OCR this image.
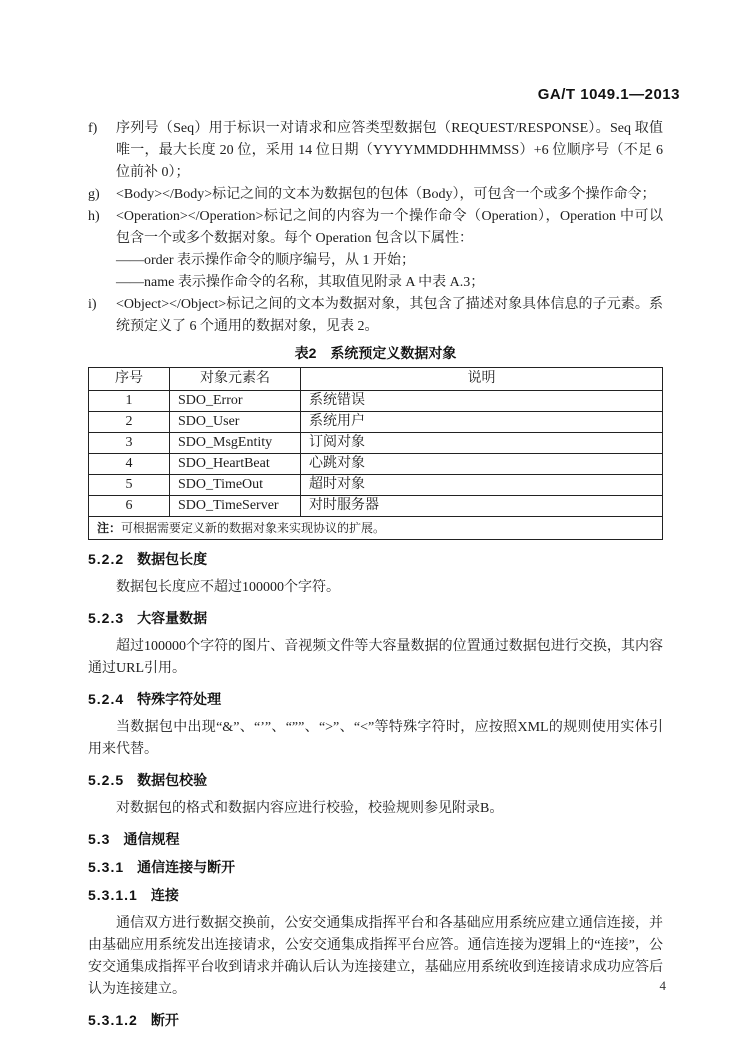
GA/T 1049.1—2013
f)	序列号（Seq）用于标识一对请求和应答类型数据包（REQUEST/RESPONSE）。Seq 取值唯一，最大长度 20 位，采用 14 位日期（YYYYMMDDHHMMSS）+6 位顺序号（不足 6 位前补 0）；
g)	<Body></Body>标记之间的文本为数据包的包体（Body），可包含一个或多个操作命令；
h)	<Operation></Operation>标记之间的内容为一个操作命令（Operation），Operation 中可以包含一个或多个数据对象。每个 Operation 包含以下属性：
——order 表示操作命令的顺序编号，从 1 开始；
——name 表示操作命令的名称，其取值见附录 A 中表 A.3；
i)	<Object></Object>标记之间的文本为数据对象，其包含了描述对象具体信息的子元素。系统预定义了 6 个通用的数据对象，见表 2。
表2 系统预定义数据对象
序号	对象元素名	说明
1	SDO_Error	系统错误
2	SDO_User	系统用户
3	SDO_MsgEntity	订阅对象
4	SDO_HeartBeat	心跳对象
5	SDO_TimeOut	超时对象
6	SDO_TimeServer	对时服务器
注：可根据需要定义新的数据对象来实现协议的扩展。		
5.2.2 数据包长度
数据包长度应不超过100000个字符。
5.2.3 大容量数据
超过100000个字符的图片、音视频文件等大容量数据的位置通过数据包进行交换，其内容通过URL引用。
5.2.4 特殊字符处理
当数据包中出现“&”、“’”、“””、“>”、“<”等特殊字符时，应按照XML的规则使用实体引用来代替。
5.2.5 数据包校验
对数据包的格式和数据内容应进行校验，校验规则参见附录B。
5.3 通信规程
5.3.1 通信连接与断开
5.3.1.1 连接
通信双方进行数据交换前，公安交通集成指挥平台和各基础应用系统应建立通信连接，并由基础应用系统发出连接请求，公安交通集成指挥平台应答。通信连接为逻辑上的“连接”，公安交通集成指挥平台收到请求并确认后认为连接建立，基础应用系统收到连接请求成功应答后认为连接建立。
5.3.1.2 断开
4
